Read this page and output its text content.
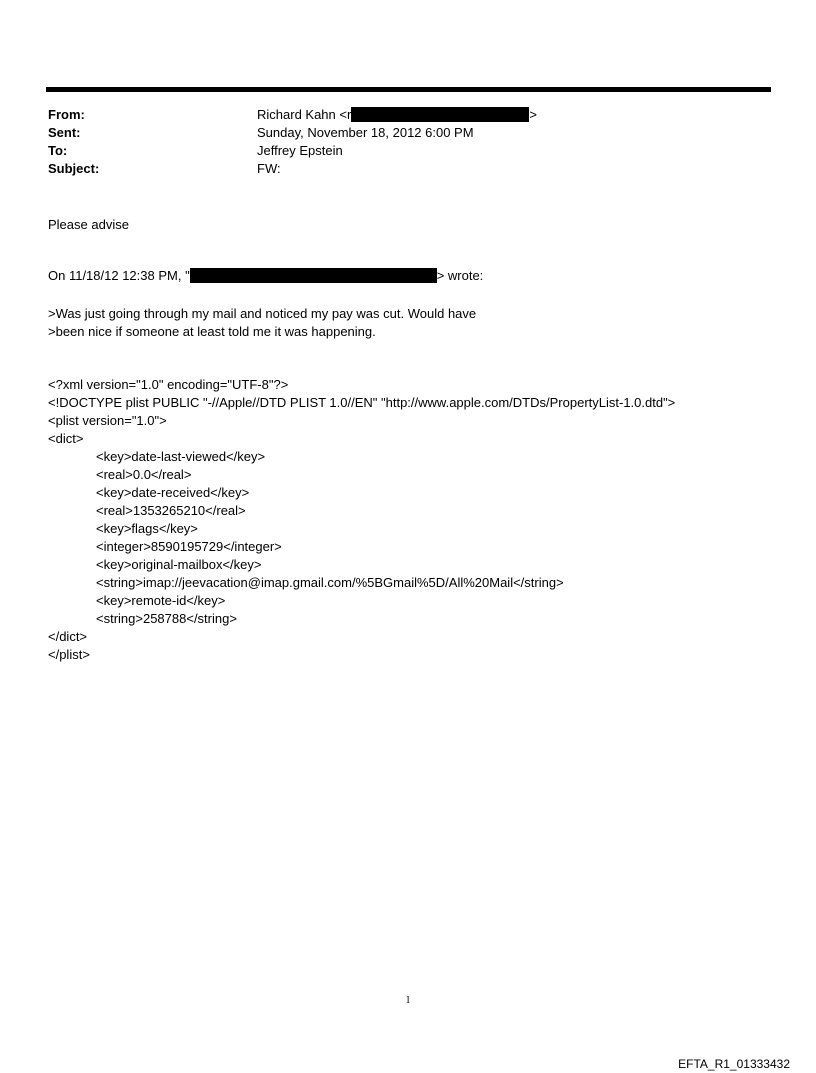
From:	Richard Kahn <r	>
Sent:	Sunday, November 18, 2012 6:00 PM
To:	Jeffrey Epstein
Subject:	FW:
Please advise
On 11/18/12 12:38 PM, "	> wrote:
>Was just going through my mail and noticed my pay was cut. Would have
>been nice if someone at least told me it was happening.
<?xml version="1.0" encoding="UTF-8"?>
<!DOCTYPE plist PUBLIC "-//Apple//DTD PLIST 1.0//EN" "http://www.apple.com/DTDs/PropertyList-1.0.dtd">
<plist version="1.0">
<dict>
<key>date-last-viewed</key>
<real>0.0</real>
<key>date-received</key>
<real>1353265210</real>
<key>flags</key>
<integer>8590195729</integer>
<key>original-mailbox</key>
<string>imap://jeevacation@imap.gmail.com/%5BGmail%5D/All%20Mail</string>
<key>remote-id</key>
<string>258788</string>
</dict>
</plist>
1
EFTA_R1_01333432
